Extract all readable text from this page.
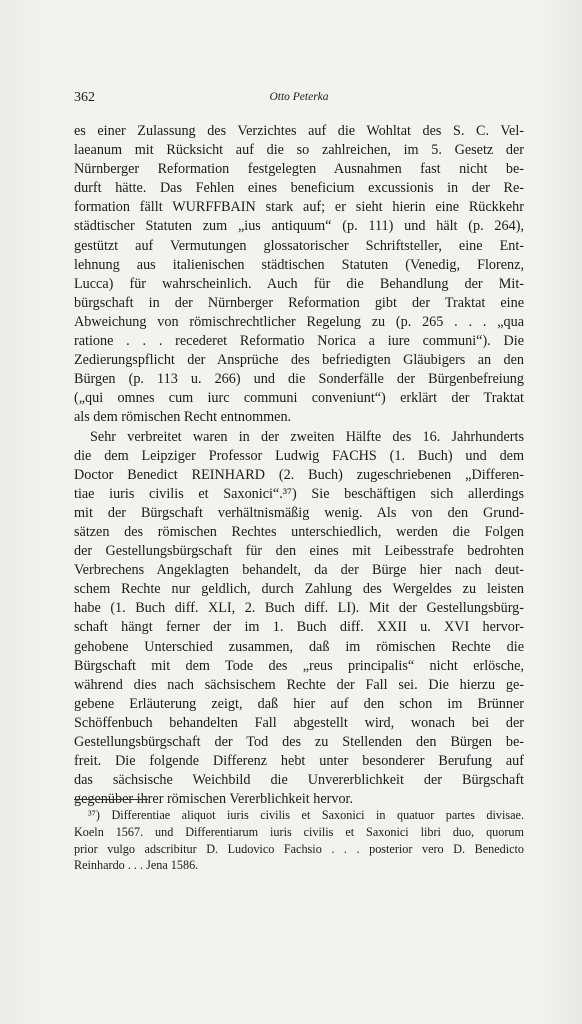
362	Otto Peterka
es einer Zulassung des Verzichtes auf die Wohltat des S. C. Vel-
laeanum mit Rücksicht auf die so zahlreichen, im 5. Gesetz der
Nürnberger Reformation festgelegten Ausnahmen fast nicht be-
durft hätte. Das Fehlen eines beneficium excussionis in der Re-
formation fällt WURFFBAIN stark auf; er sieht hierin eine Rückkehr
städtischer Statuten zum „ius antiquum“ (p. 111) und hält (p. 264),
gestützt auf Vermutungen glossatorischer Schriftsteller, eine Ent-
lehnung aus italienischen städtischen Statuten (Venedig, Florenz,
Lucca) für wahrscheinlich. Auch für die Behandlung der Mit-
bürgschaft in der Nürnberger Reformation gibt der Traktat eine
Abweichung von römischrechtlicher Regelung zu (p. 265 . . . „qua
ratione . . . recederet Reformatio Norica a iure communi“). Die
Zedierungspflicht der Ansprüche des befriedigten Gläubigers an den
Bürgen (p. 113 u. 266) und die Sonderfälle der Bürgenbefreiung
(„qui omnes cum iurc communi conveniunt“) erklärt der Traktat
als dem römischen Recht entnommen.
Sehr verbreitet waren in der zweiten Hälfte des 16. Jahrhunderts
die dem Leipziger Professor Ludwig FACHS (1. Buch) und dem
Doctor Benedict REINHARD (2. Buch) zugeschriebenen „Differen-
tiae iuris civilis et Saxonici“.³⁷) Sie beschäftigen sich allerdings
mit der Bürgschaft verhältnismäßig wenig. Als von den Grund-
sätzen des römischen Rechtes unterschiedlich, werden die Folgen
der Gestellungsbürgschaft für den eines mit Leibesstrafe bedrohten
Verbrechens Angeklagten behandelt, da der Bürge hier nach deut-
schem Rechte nur geldlich, durch Zahlung des Wergeldes zu leisten
habe (1. Buch diff. XLI, 2. Buch diff. LI). Mit der Gestellungsbürg-
schaft hängt ferner der im 1. Buch diff. XXII u. XVI hervor-
gehobene Unterschied zusammen, daß im römischen Rechte die
Bürgschaft mit dem Tode des „reus principalis“ nicht erlösche,
während dies nach sächsischem Rechte der Fall sei. Die hierzu ge-
gebene Erläuterung zeigt, daß hier auf den schon im Brünner
Schöffenbuch behandelten Fall abgestellt wird, wonach bei der
Gestellungsbürgschaft der Tod des zu Stellenden den Bürgen be-
freit. Die folgende Differenz hebt unter besonderer Berufung auf
das sächsische Weichbild die Unvererblichkeit der Bürgschaft
gegenüber ihrer römischen Vererblichkeit hervor.
³⁷) Differentiae aliquot iuris civilis et Saxonici in quatuor partes divisae.
Koeln 1567. und Differentiarum iuris civilis et Saxonici libri duo, quorum
prior vulgo adscribitur D. Ludovico Fachsio . . . posterior vero D. Benedicto
Reinhardo . . . Jena 1586.
